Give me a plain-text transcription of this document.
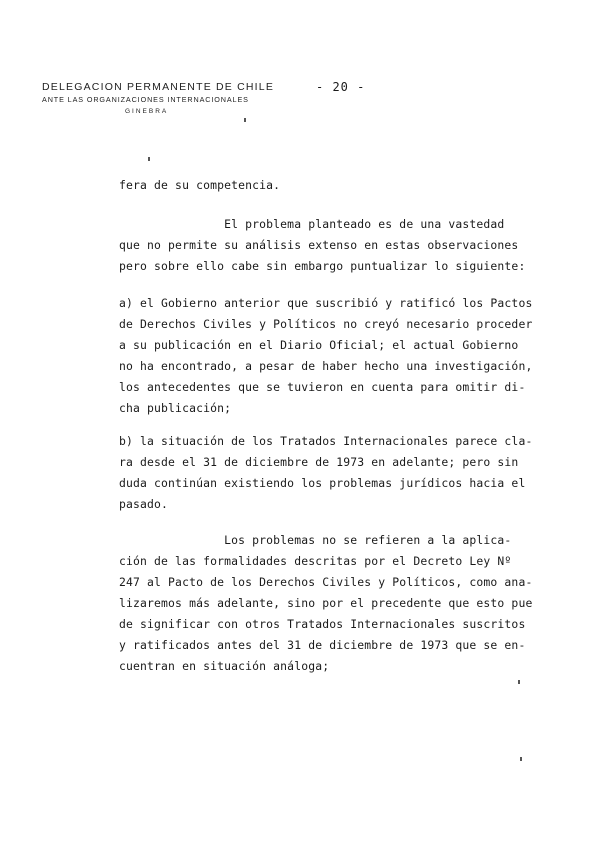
DELEGACION PERMANENTE DE CHILE
ANTE LAS ORGANIZACIONES INTERNACIONALES
GINEBRA
- 20 -
fera de su competencia.
El problema planteado es de una vastedad
que no permite su análisis extenso en estas observaciones
pero sobre ello cabe sin embargo puntualizar lo siguiente:
a) el Gobierno anterior que suscribió y ratificó los Pactos
de Derechos Civiles y Políticos no creyó necesario proceder
a su publicación en el Diario Oficial; el actual Gobierno
no ha encontrado, a pesar de haber hecho una investigación,
los antecedentes que se tuvieron en cuenta para omitir di-
cha publicación;
b) la situación de los Tratados Internacionales parece cla-
ra desde el 31 de diciembre de 1973 en adelante; pero sin
duda continúan existiendo los problemas jurídicos hacia el
pasado.
Los problemas no se refieren a la aplica-
ción de las formalidades descritas por el Decreto Ley Nº
247 al Pacto de los Derechos Civiles y Políticos, como ana-
lizaremos más adelante, sino por el precedente que esto pue
de significar con otros Tratados Internacionales suscritos
y ratificados antes del 31 de diciembre de 1973 que se en-
cuentran en situación análoga;
